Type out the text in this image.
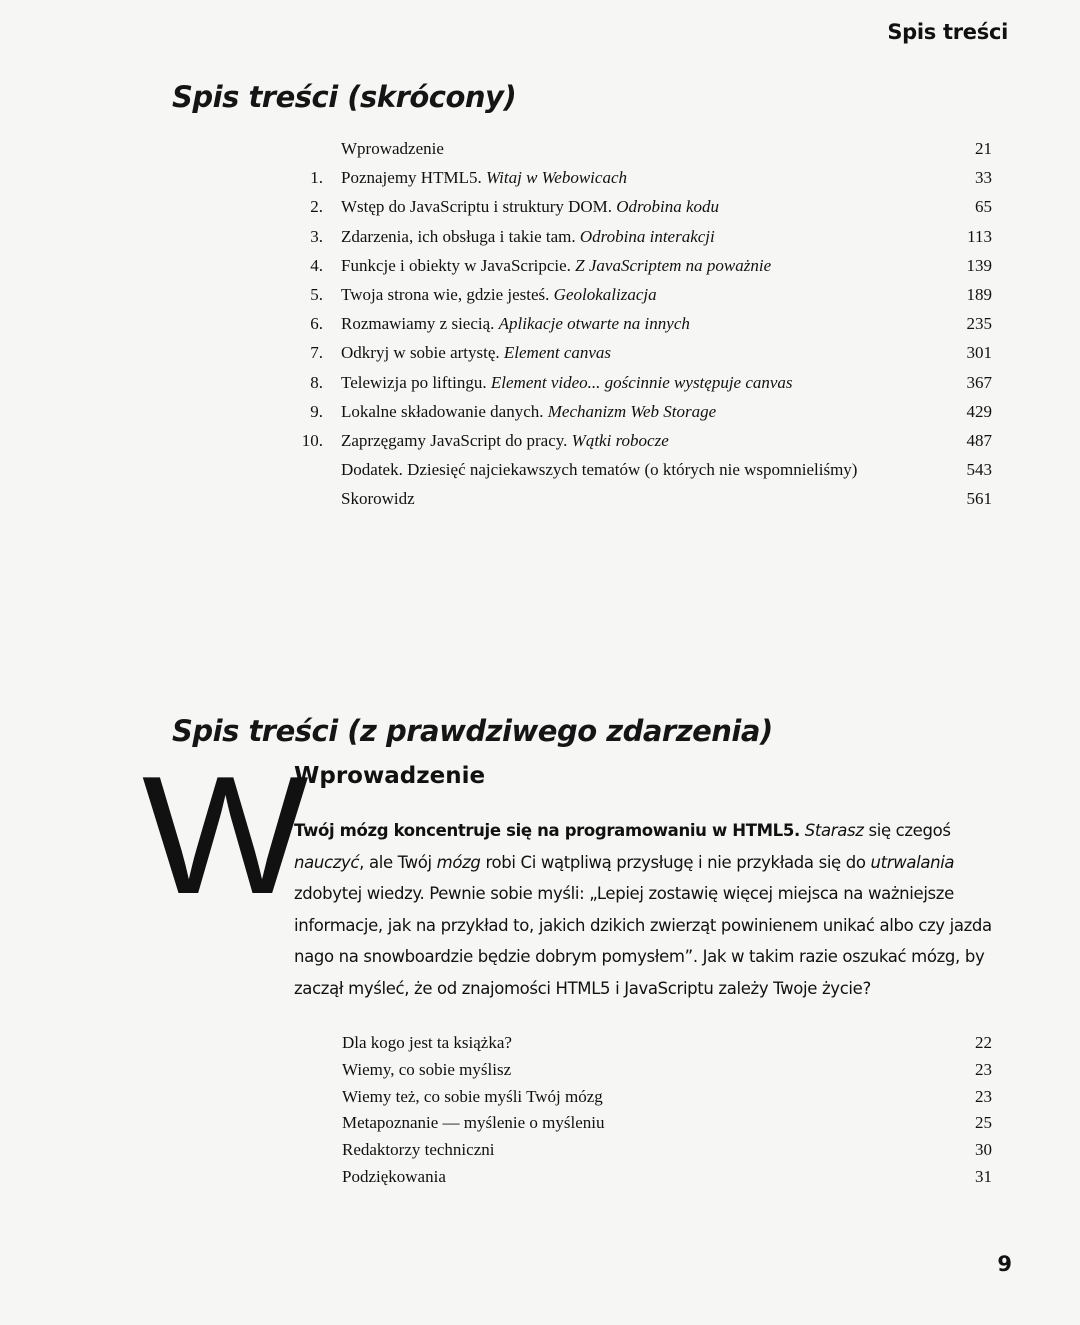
Spis treści
Spis treści (skrócony)
Wprowadzenie	21
1. Poznajemy HTML5. Witaj w Webowicach	33
2. Wstęp do JavaScriptu i struktury DOM. Odrobina kodu	65
3. Zdarzenia, ich obsługa i takie tam. Odrobina interakcji	113
4. Funkcje i obiekty w JavaScripcie. Z JavaScriptem na poważnie	139
5. Twoja strona wie, gdzie jesteś. Geolokalizacja	189
6. Rozmawiamy z siecią. Aplikacje otwarte na innych	235
7. Odkryj w sobie artystę. Element canvas	301
8. Telewizja po liftingu. Element video... gościnnie występuje canvas	367
9. Lokalne składowanie danych. Mechanizm Web Storage	429
10. Zaprzęgamy JavaScript do pracy. Wątki robocze	487
Dodatek. Dziesięć najciekawszych tematów (o których nie wspomnieliśmy)	543
Skorowidz	561
Spis treści (z prawdziwego zdarzenia)
W
Wprowadzenie
Twój mózg koncentruje się na programowaniu w HTML5. Starasz się czegoś nauczyć, ale Twój mózg robi Ci wątpliwą przysługę i nie przykłada się do utrwalania zdobytej wiedzy. Pewnie sobie myśli: „Lepiej zostawię więcej miejsca na ważniejsze informacje, jak na przykład to, jakich dzikich zwierząt powinienem unikać albo czy jazda nago na snowboardzie będzie dobrym pomysłem”. Jak w takim razie oszukać mózg, by zaczął myśleć, że od znajomości HTML5 i JavaScriptu zależy Twoje życie?
Dla kogo jest ta książka?	22
Wiemy, co sobie myślisz	23
Wiemy też, co sobie myśli Twój mózg	23
Metapoznanie — myślenie o myśleniu	25
Redaktorzy techniczni	30
Podziękowania	31
9
